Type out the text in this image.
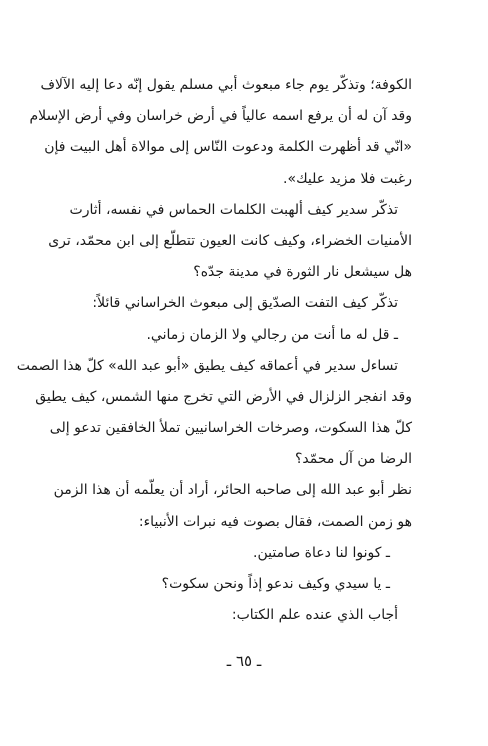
الكوفة؛ وتذكّر يوم جاء مبعوث أبي مسلم يقول إنّه دعا إليه الآلاف
وقد آن له أن يرفع اسمه عالياً في أرض خراسان وفي أرض الإسلام
«انّي قد أظهرت الكلمة ودعوت النّاس إلى موالاة أهل البيت فإن
رغبت فلا مزيد عليك».
تذكّر سدير كيف ألهبت الكلمات الحماس في نفسه، أثارت
الأمنيات الخضراء، وكيف كانت العيون تتطلّع إلى ابن محمّد، ترى
هل سيشعل نار الثورة في مدينة جدّه؟
تذكّر كيف التفت الصدّيق إلى مبعوث الخراساني قائلاً:
ـ قل له ما أنت من رجالي ولا الزمان زماني.
تساءل سدير في أعماقه كيف يطيق «أبو عبد الله» كلّ هذا الصمت
وقد انفجر الزلزال في الأرض التي تخرج منها الشمس، كيف يطيق
كلّ هذا السكوت، وصرخات الخراسانيين تملأ الخافقين تدعو إلى
الرضا من آل محمّد؟
نظر أبو عبد الله إلى صاحبه الحائر، أراد أن يعلّمه أن هذا الزمن
هو زمن الصمت، فقال بصوت فيه نبرات الأنبياء:
ـ كونوا لنا دعاة صامتين.
ـ يا سيدي وكيف ندعو إذاً ونحن سكوت؟
أجاب الذي عنده علم الكتاب:
ـ ٦٥ ـ
